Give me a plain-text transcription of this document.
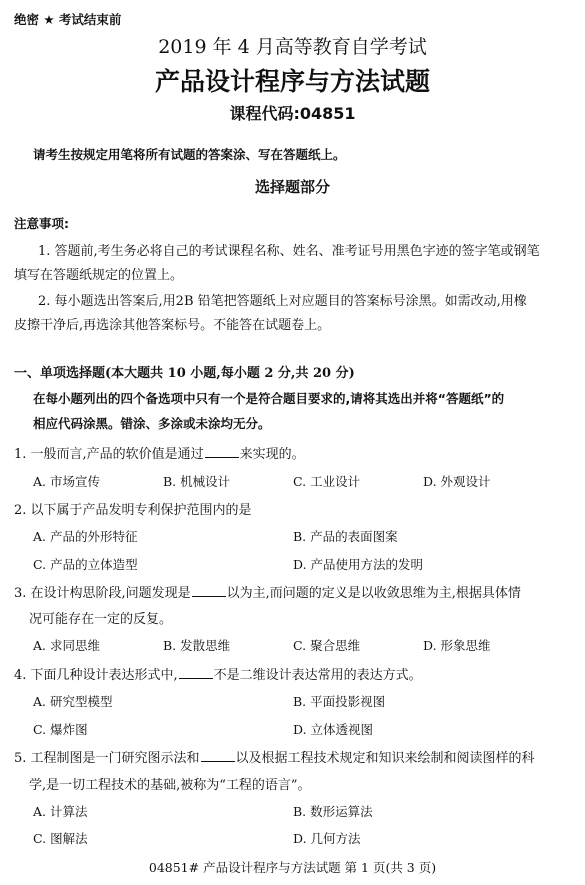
绝密 ★ 考试结束前
2019 年 4 月高等教育自学考试
产品设计程序与方法试题
课程代码:04851
请考生按规定用笔将所有试题的答案涂、写在答题纸上。
选择题部分
注意事项:
1. 答题前,考生务必将自己的考试课程名称、姓名、准考证号用黑色字迹的签字笔或钢笔
填写在答题纸规定的位置上。
2. 每小题选出答案后,用2B 铅笔把答题纸上对应题目的答案标号涂黑。如需改动,用橡
皮擦干净后,再选涂其他答案标号。不能答在试题卷上。
一、单项选择题(本大题共 10 小题,每小题 2 分,共 20 分)
在每小题列出的四个备选项中只有一个是符合题目要求的,请将其选出并将“答题纸”的
相应代码涂黑。错涂、多涂或未涂均无分。
1. 一般而言,产品的软价值是通过	来实现的。
A. 市场宣传	B. 机械设计	C. 工业设计	D. 外观设计
2. 以下属于产品发明专利保护范围内的是
A. 产品的外形特征	B. 产品的表面图案
C. 产品的立体造型	D. 产品使用方法的发明
3. 在设计构思阶段,问题发现是	以为主,而问题的定义是以收敛思维为主,根据具体情
况可能存在一定的反复。
A. 求同思维	B. 发散思维	C. 聚合思维	D. 形象思维
4. 下面几种设计表达形式中,	不是二维设计表达常用的表达方式。
A. 研究型模型	B. 平面投影视图
C. 爆炸图	D. 立体透视图
5. 工程制图是一门研究图示法和	以及根据工程技术规定和知识来绘制和阅读图样的科
学,是一切工程技术的基础,被称为“工程的语言”。
A. 计算法	B. 数形运算法
C. 图解法	D. 几何方法
04851# 产品设计程序与方法试题 第 1 页(共 3 页)
